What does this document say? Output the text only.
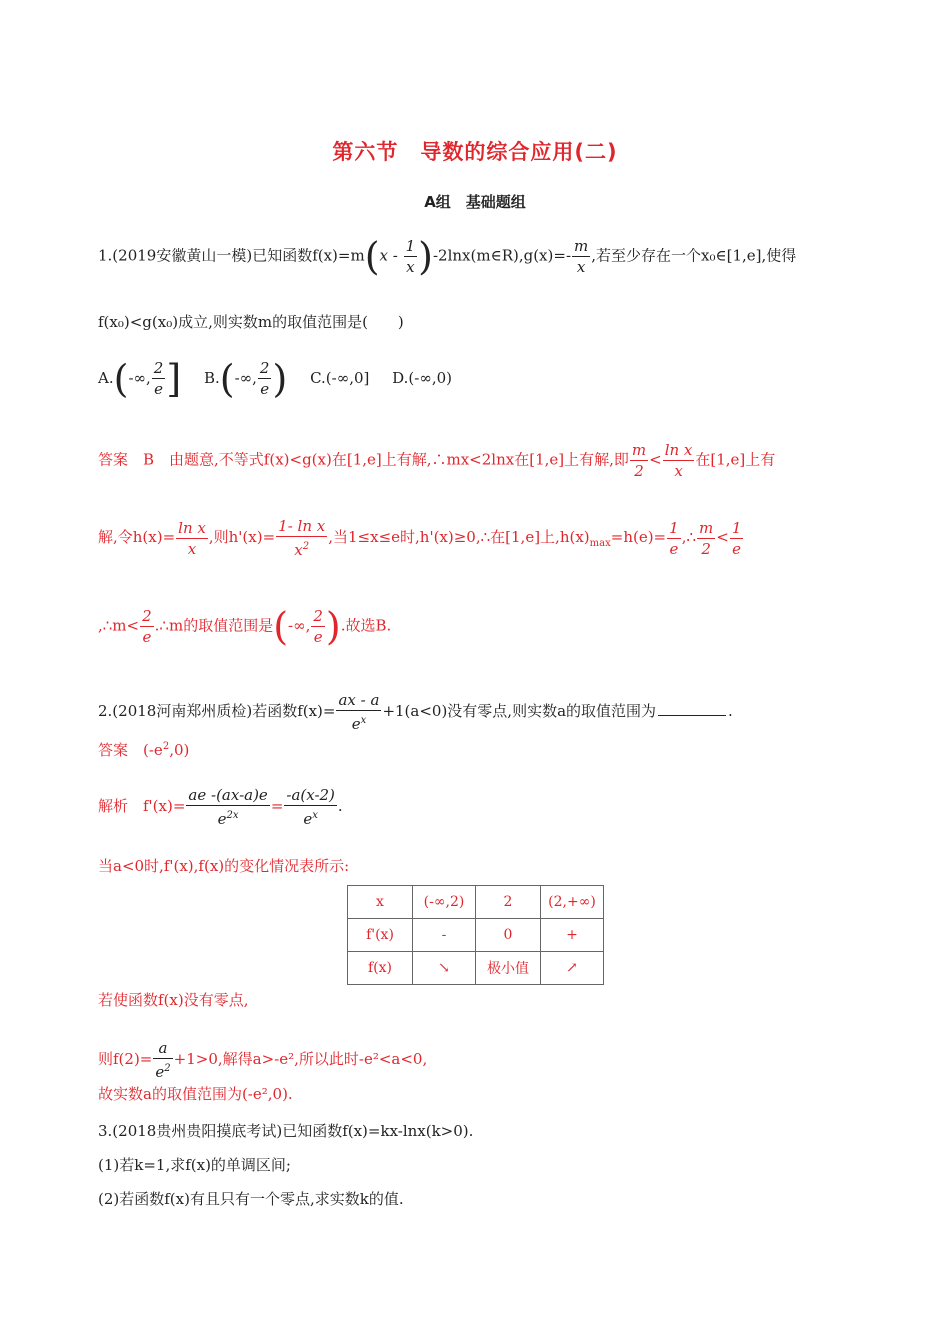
第六节　导数的综合应用(二)
A组　基础题组
1.(2019安徽黄山一模)已知函数$f(x)=m(x - \frac{1}{x}$ )-2lnx(m∈R),g(x)=- $\frac{m}{x}$ ,若至少存在一个x₀∈[1,e],使得
f(x₀)<g(x₀)成立,则实数m的取值范围是(　　)
A.(-∞, $\frac{2}{e}$ ] B.(-∞, $\frac{2}{e}$ ) C.(-∞,0] D.(-∞,0)
答案　B　由题意,不等式f(x)<g(x)在[1,e]上有解,∴mx<2lnx在[1,e]上有解,即 $\frac{m}{2} < \frac{\text{ln x}}{x}$ 在[1,e]上有
解,令$h(x)= \frac{\text{ln x}}{x}$ ,则$h'(x)= \frac{\text{1- ln x}}{x^2}$ ,当1≤x≤e时,h'(x)≥0,∴在[1,e]上$,h(x)_{max}=h(e)= \frac{1}{e}$ ,∴ $\frac{m}{2} < \frac{1}{e}$
,∴m< $\frac{2}{e}$ .∴m的取值范围是(-∞, $\frac{2}{e}$ ).故选B.
2.(2018河南郑州质检)若函数$f(x)= \frac{ax - a}{e^x} +1(a<0)$没有零点,则实数a的取值范围为	.
答案　$(-e^2,0)$
解析　$f'(x)= \frac{ae -(ax-a)e}{e^{2x}} = \frac{-a(x-2)}{e^x}$ .
当a<0时,f'(x),f(x)的变化情况表所示:
x	(-∞,2)	2	(2,+∞)
f'(x)	-	0	+
f(x)	↘	极小值	↗
若使函数f(x)没有零点,
则$f(2)= \frac{a}{e^2} +1>0$,解得a>-e²,所以此时-e²<a<0,
故实数a的取值范围为(-e²,0).
3.(2018贵州贵阳摸底考试)已知函数f(x)=kx-lnx(k>0).
(1)若k=1,求f(x)的单调区间;
(2)若函数f(x)有且只有一个零点,求实数k的值.
